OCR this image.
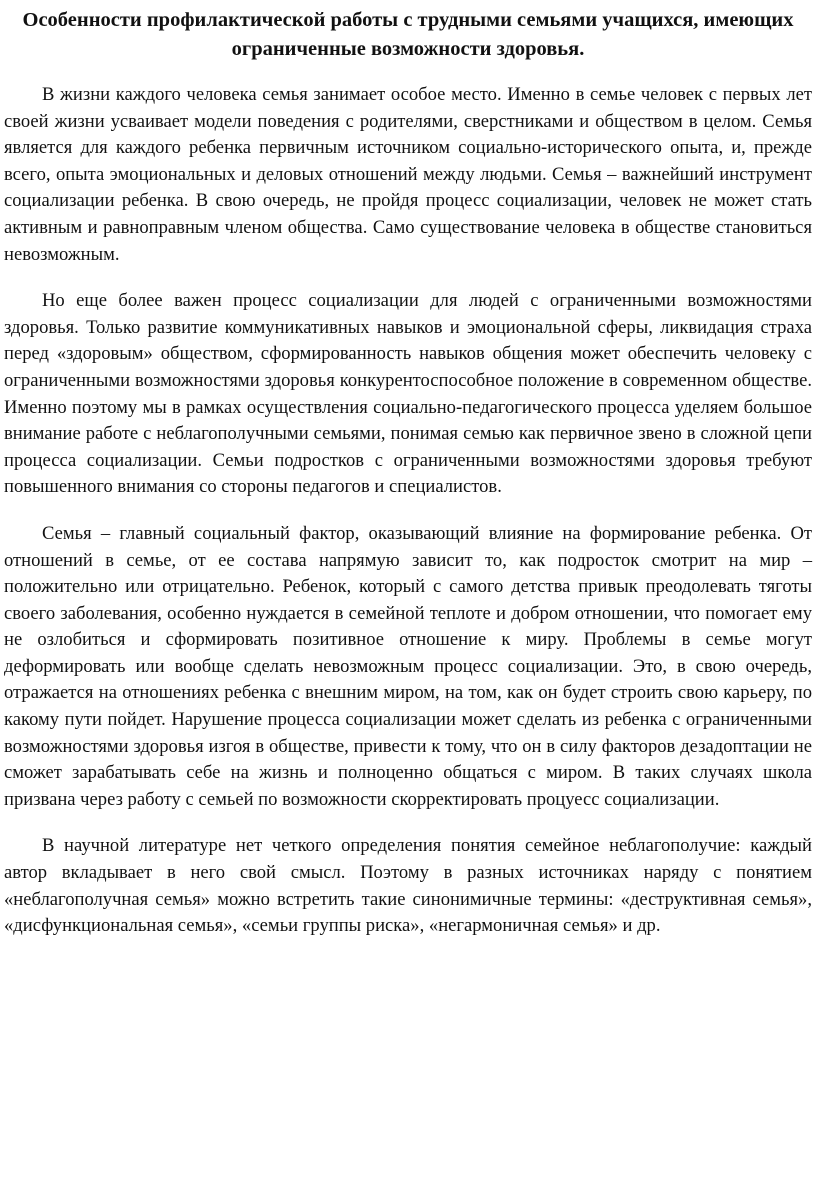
Особенности профилактической работы с трудными семьями учащихся, имеющих ограниченные возможности здоровья.

В жизни каждого человека семья занимает особое место. Именно в семье человек с первых лет своей жизни усваивает модели поведения с родителями, сверстниками и обществом в целом. Семья является для каждого ребенка первичным источником социально-исторического опыта, и, прежде всего, опыта эмоциональных и деловых отношений между людьми. Семья – важнейший инструмент социализации ребенка. В свою очередь, не пройдя процесс социализации, человек не может стать активным и равноправным членом общества. Само существование человека в обществе становиться невозможным.

Но еще более важен процесс социализации для людей с ограниченными возможностями здоровья. Только развитие коммуникативных навыков и эмоциональной сферы, ликвидация страха перед «здоровым» обществом, сформированность навыков общения может обеспечить человеку с ограниченными возможностями здоровья конкурентоспособное положение в современном обществе. Именно поэтому мы в рамках осуществления социально-педагогического процесса уделяем большое внимание работе с неблагополучными семьями, понимая семью как первичное звено в сложной цепи процесса социализации. Семьи подростков с ограниченными возможностями здоровья требуют повышенного внимания со стороны педагогов и специалистов.

Семья – главный социальный фактор, оказывающий влияние на формирование ребенка. От отношений в семье, от ее состава напрямую зависит то, как подросток смотрит на мир – положительно или отрицательно. Ребенок, который с самого детства привык преодолевать тяготы своего заболевания, особенно нуждается в семейной теплоте и добром отношении, что помогает ему не озлобиться и сформировать позитивное отношение к миру. Проблемы в семье могут деформировать или вообще сделать невозможным процесс социализации. Это, в свою очередь, отражается на отношениях ребенка с внешним миром, на том, как он будет строить свою карьеру, по какому пути пойдет. Нарушение процесса социализации может сделать из ребенка с ограниченными возможностями здоровья изгоя в обществе, привести к тому, что он в силу факторов дезадоптации не сможет зарабатывать себе на жизнь и полноценно общаться с миром. В таких случаях школа призвана через работу с семьей по возможности скорректировать процуесс социализации.

В научной литературе нет четкого определения понятия семейное неблагополучие: каждый автор вкладывает в него свой смысл. Поэтому в разных источниках наряду с понятием «неблагополучная семья» можно встретить такие синонимичные термины: «деструктивная семья», «дисфункциональная семья», «семьи группы риска», «негармоничная семья» и др.
